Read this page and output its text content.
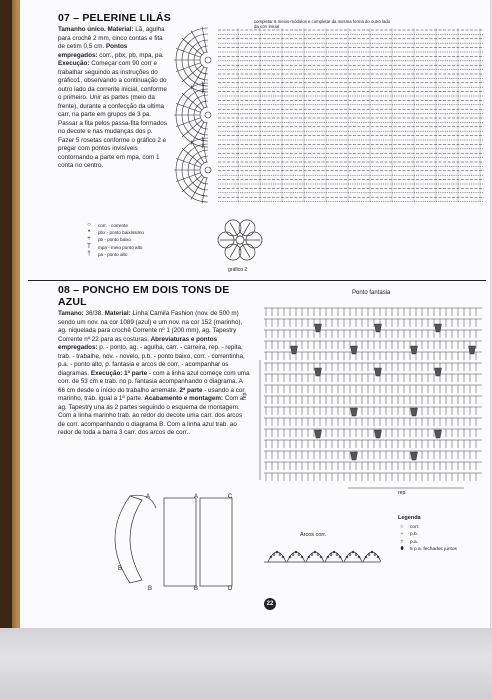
07 – PELERINE LILÁS
Tamanho único. Material: Lã, agulha para crochê 2 mm, cinco contas e fita de cetim 0,5 cm. Pontos empregados: corr., pbx, pb, mpa, pa. Execução: Começar com 90 corr e trabalhar seguindo as instruções do gráfico1, observando a continuação do outro lado da corrente inicial, conforme o primeiro. Unir as partes (meio da frente), durante a confecção da ultima carr, na parte em grupos de 3 pa. Passar a fita pelos passa-fita formados no decote e nas mudanças dos p. Fazer 5 rosetas conforme o gráfico 2 e pregar com pontos invisíveis contornando a parte em mpa, com 1 conta no centro.
completar 6 meios-módulos e completar da mesma forma do outro lado da corr inicial
○	corr. - corrente
•	pbx - ponto baixíssimo
+	pb - ponto baixo
T	mpa - meio ponto alto
†	pa - ponto alto
gráfico 2
08 – PONCHO EM DOIS TONS DE AZUL
Tamano: 36/38. Material: Linha Camila Fashion (nov. de 500 m) sendo um nov. na cor 1089 (azul) e um nov. na cor 152 (marinho), ag. niquelada para crochê Corrente nº 1 (200 mm), ag. Tapestry Corrente nº 22 para as costuras. Abreviaturas e pontos empregados: p. - ponto, ag. - agulha, carr. - carreira, rep. - repita, trab. - trabalhe, nov. - novelo, p.b. - ponto baixo, corr. - correntinha, p.a. - ponto alto, p. fantasia e arcos de corr. - acompanhar os diagramas. Execução: 1ª parte - com a linha azul começe com uma corr. de 53 cm e trab. no p. fantasia acompanhando o diagrama. A 66 cm desde o início do trabalho arremate. 2ª parte - usando a cor marinho, trab. igual a 1ª parte. Acabamento e montagem: Com a ag. Tapestry una as 2 partes seguindo o esquema de montagem. Com a linha marinho trab. ao redor do decote uma carr. dos arcos de corr. acompanhando o diagrama B. Com a linha azul trab. ao redor de toda a barra 3 carr. dos arcos de corr..
Ponto fantasia
rep.
rep.
A	A	C
B
B	B	D
Arcos corr.
Legenda
○	corr.
+	p.b.
†	p.a.
⬮	5 p.a. fechados juntos
22
